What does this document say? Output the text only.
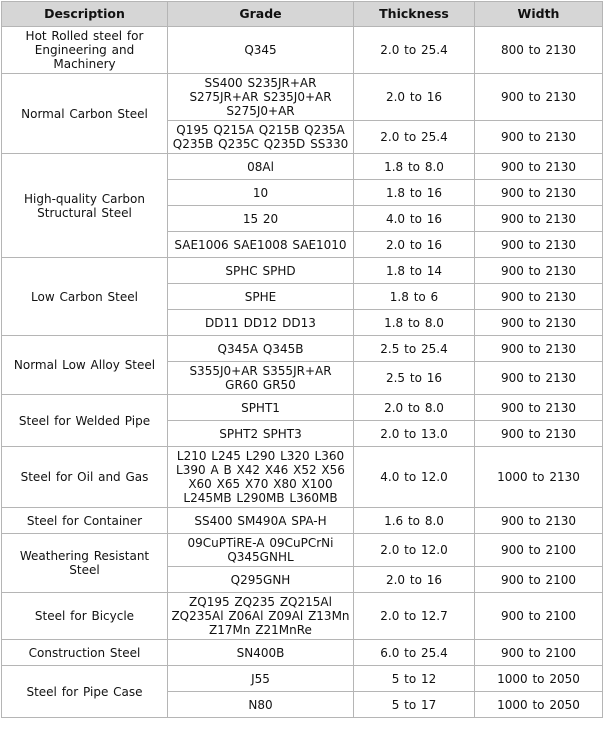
Description	Grade	Thickness	Width
Hot Rolled steel for Engineering and Machinery	Q345	2.0 to 25.4	800 to 2130
Normal Carbon Steel	SS400 S235JR+AR S275JR+AR S235J0+AR S275J0+AR	2.0 to 16	900 to 2130
	Q195 Q215A Q215B Q235A Q235B Q235C Q235D SS330	2.0 to 25.4	900 to 2130
High-quality Carbon Structural Steel	08Al	1.8 to 8.0	900 to 2130
	10	1.8 to 16	900 to 2130
	15 20	4.0 to 16	900 to 2130
	SAE1006 SAE1008 SAE1010	2.0 to 16	900 to 2130
Low Carbon Steel	SPHC SPHD	1.8 to 14	900 to 2130
	SPHE	1.8 to 6	900 to 2130
	DD11 DD12 DD13	1.8 to 8.0	900 to 2130
Normal Low Alloy Steel	Q345A Q345B	2.5 to 25.4	900 to 2130
	S355J0+AR S355JR+AR GR60 GR50	2.5 to 16	900 to 2130
Steel for Welded Pipe	SPHT1	2.0 to 8.0	900 to 2130
	SPHT2 SPHT3	2.0 to 13.0	900 to 2130
Steel for Oil and Gas	L210 L245 L290 L320 L360 L390 A B X42 X46 X52 X56 X60 X65 X70 X80 X100 L245MB L290MB L360MB	4.0 to 12.0	1000 to 2130
Steel for Container	SS400 SM490A SPA-H	1.6 to 8.0	900 to 2130
Weathering Resistant Steel	09CuPTiRE-A 09CuPCrNi Q345GNHL	2.0 to 12.0	900 to 2100
	Q295GNH	2.0 to 16	900 to 2100
Steel for Bicycle	ZQ195 ZQ235 ZQ215Al ZQ235Al Z06Al Z09Al Z13Mn Z17Mn Z21MnRe	2.0 to 12.7	900 to 2100
Construction Steel	SN400B	6.0 to 25.4	900 to 2100
Steel for Pipe Case	J55	5 to 12	1000 to 2050
	N80	5 to 17	1000 to 2050
